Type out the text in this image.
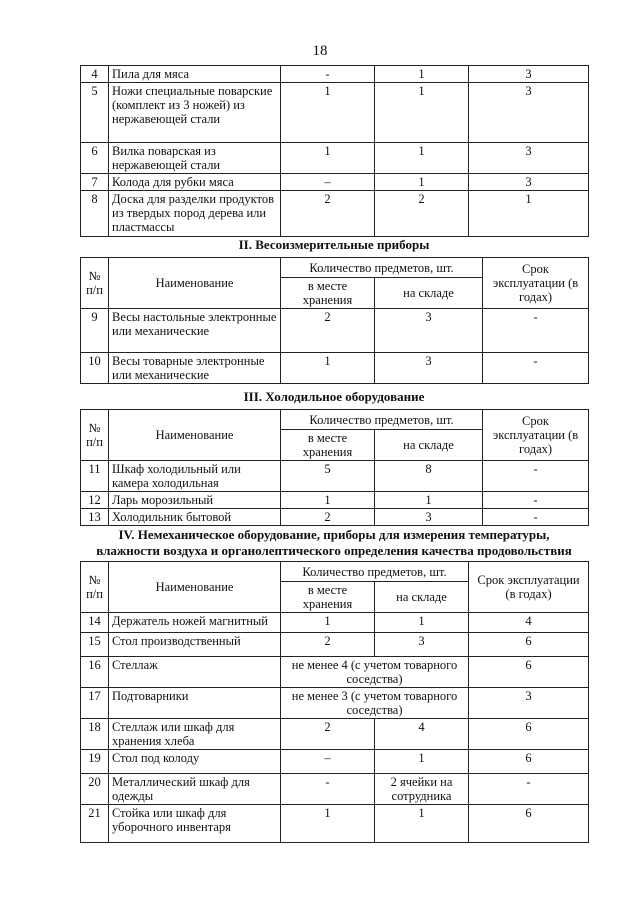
18
4	Пила для мяса	-	1	3
5	Ножи специальные поварские (комплект из 3 ножей) из нержавеющей стали	1	1	3
6	Вилка поварская из нержавеющей стали	1	1	3
7	Колода для рубки мяса	–	1	3
8	Доска для разделки продуктов из твердых пород дерева или пластмассы	2	2	1
II. Весоизмерительные приборы
№ п/п	Наименование	Количество предметов, шт.		Срок эксплуатации (в годах)
		в месте хранения	на складе	
9	Весы настольные электронные или механические	2	3	-
10	Весы товарные электронные или механические	1	3	-
III. Холодильное оборудование
№ п/п	Наименование	Количество предметов, шт.		Срок эксплуатации (в годах)
		в месте хранения	на складе	
11	Шкаф холодильный или камера холодильная	5	8	-
12	Ларь морозильный	1	1	-
13	Холодильник бытовой	2	3	-
IV. Немеханическое оборудование, приборы для измерения температуры, влажности воздуха и органолептического определения качества продовольствия
№ п/п	Наименование	Количество предметов, шт.		Срок эксплуатации (в годах)
		в месте хранения	на складе	
14	Держатель ножей магнитный	1	1	4
15	Стол производственный	2	3	6
16	Стеллаж	не менее 4 (с учетом товарного соседства)		6
17	Подтоварники	не менее 3 (с учетом товарного соседства)		3
18	Стеллаж или шкаф для хранения хлеба	2	4	6
19	Стол под колоду	–	1	6
20	Металлический шкаф для одежды	-	2 ячейки на сотрудника	-
21	Стойка или шкаф для уборочного инвентаря	1	1	6
